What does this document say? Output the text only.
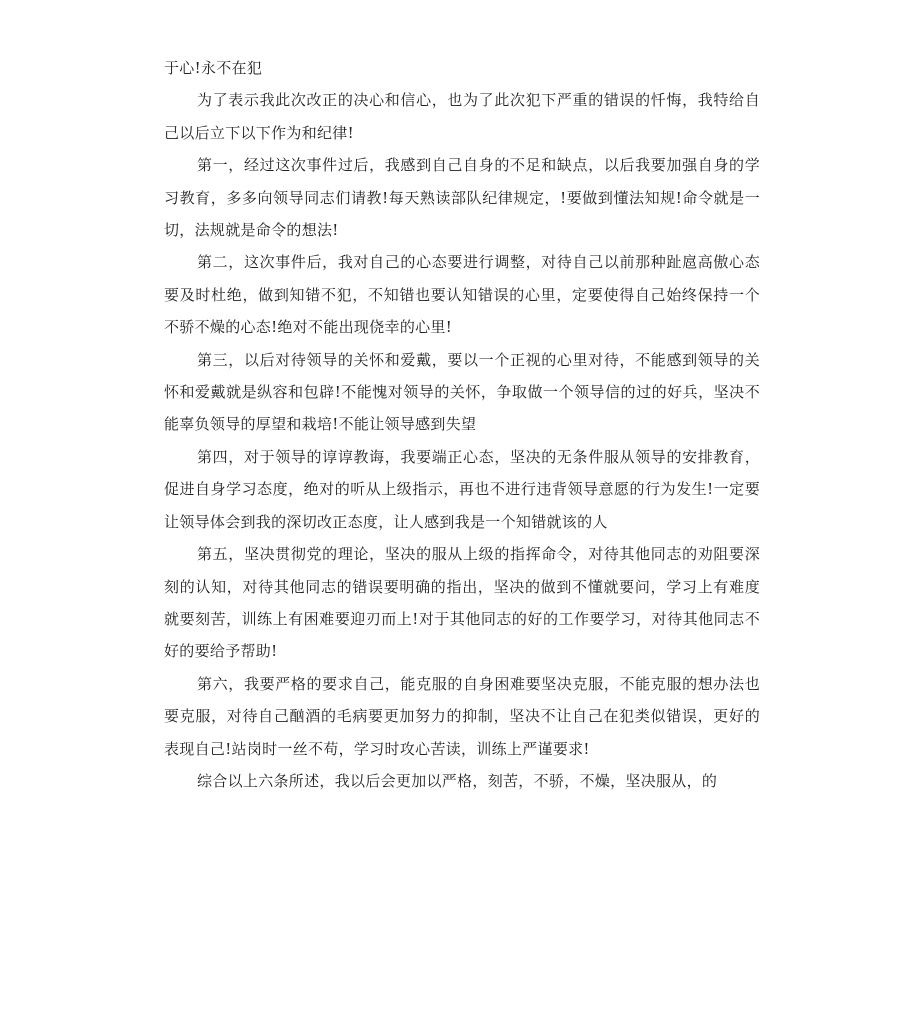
于心!永不在犯

为了表示我此次改正的决心和信心，也为了此次犯下严重的错误的忏悔，我特给自己以后立下以下作为和纪律!

第一，经过这次事件过后，我感到自己自身的不足和缺点，以后我要加强自身的学习教育，多多向领导同志们请教!每天熟读部队纪律规定，!要做到懂法知规!命令就是一切，法规就是命令的想法!

第二，这次事件后，我对自己的心态要进行调整，对待自己以前那种趾扈高傲心态要及时杜绝，做到知错不犯，不知错也要认知错误的心里，定要使得自己始终保持一个不骄不燥的心态!绝对不能出现侥幸的心里!

第三，以后对待领导的关怀和爱戴，要以一个正视的心里对待，不能感到领导的关怀和爱戴就是纵容和包辟!不能愧对领导的关怀，争取做一个领导信的过的好兵，坚决不能辜负领导的厚望和栽培!不能让领导感到失望

第四，对于领导的谆谆教诲，我要端正心态，坚决的无条件服从领导的安排教育，促进自身学习态度，绝对的听从上级指示，再也不进行违背领导意愿的行为发生!一定要让领导体会到我的深切改正态度，让人感到我是一个知错就该的人

第五，坚决贯彻党的理论，坚决的服从上级的指挥命令，对待其他同志的劝阻要深刻的认知，对待其他同志的错误要明确的指出，坚决的做到不懂就要问，学习上有难度就要刻苦，训练上有困难要迎刃而上!对于其他同志的好的工作要学习，对待其他同志不好的要给予帮助!

第六，我要严格的要求自己，能克服的自身困难要坚决克服，不能克服的想办法也要克服，对待自己酗酒的毛病要更加努力的抑制，坚决不让自己在犯类似错误，更好的表现自己!站岗时一丝不苟，学习时攻心苦读，训练上严谨要求!

综合以上六条所述，我以后会更加以严格，刻苦，不骄，不燥，坚决服从，的
